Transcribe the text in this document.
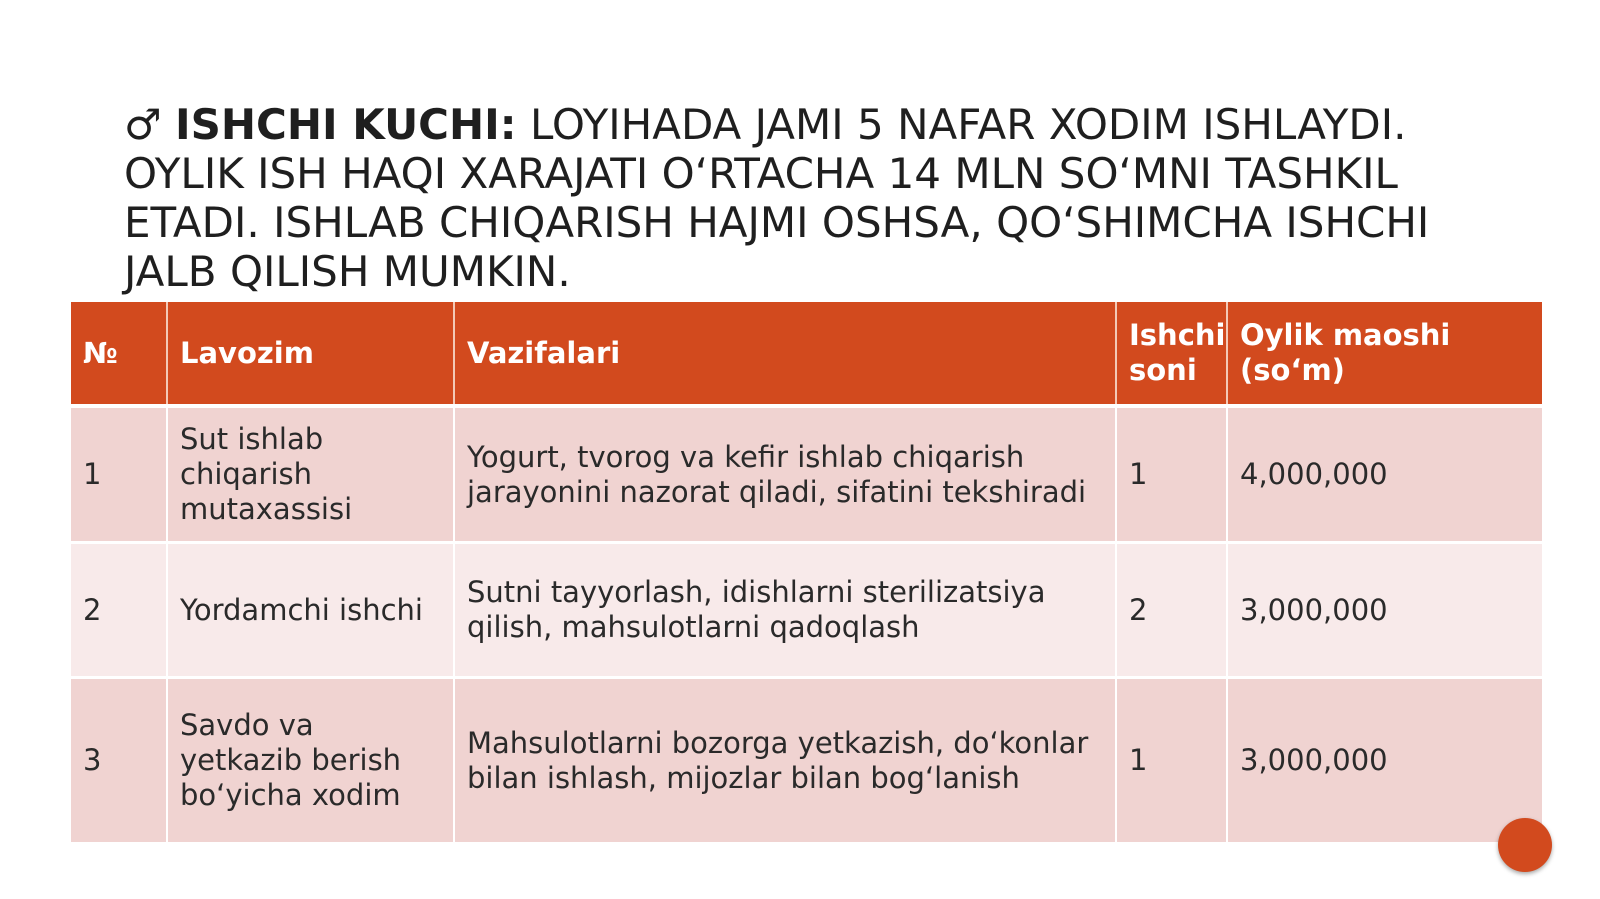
♂ ISHCHI KUCHI: LOYIHADA JAMI 5 NAFAR XODIM ISHLAYDI. OYLIK ISH HAQI XARAJATI O‘RTACHA 14 MLN SO‘MNI TASHKIL ETADI. ISHLAB CHIQARISH HAJMI OSHSA, QO‘SHIMCHA ISHCHI JALB QILISH MUMKIN.
№	Lavozim	Vazifalari	Ishchi soni	Oylik maoshi (so‘m)
1	Sut ishlab chiqarish mutaxassisi	Yogurt, tvorog va kefir ishlab chiqarish jarayonini nazorat qiladi, sifatini tekshiradi	1	4,000,000
2	Yordamchi ishchi	Sutni tayyorlash, idishlarni sterilizatsiya qilish, mahsulotlarni qadoqlash	2	3,000,000
3	Savdo va yetkazib berish bo‘yicha xodim	Mahsulotlarni bozorga yetkazish, do‘konlar bilan ishlash, mijozlar bilan bog‘lanish	1	3,000,000
